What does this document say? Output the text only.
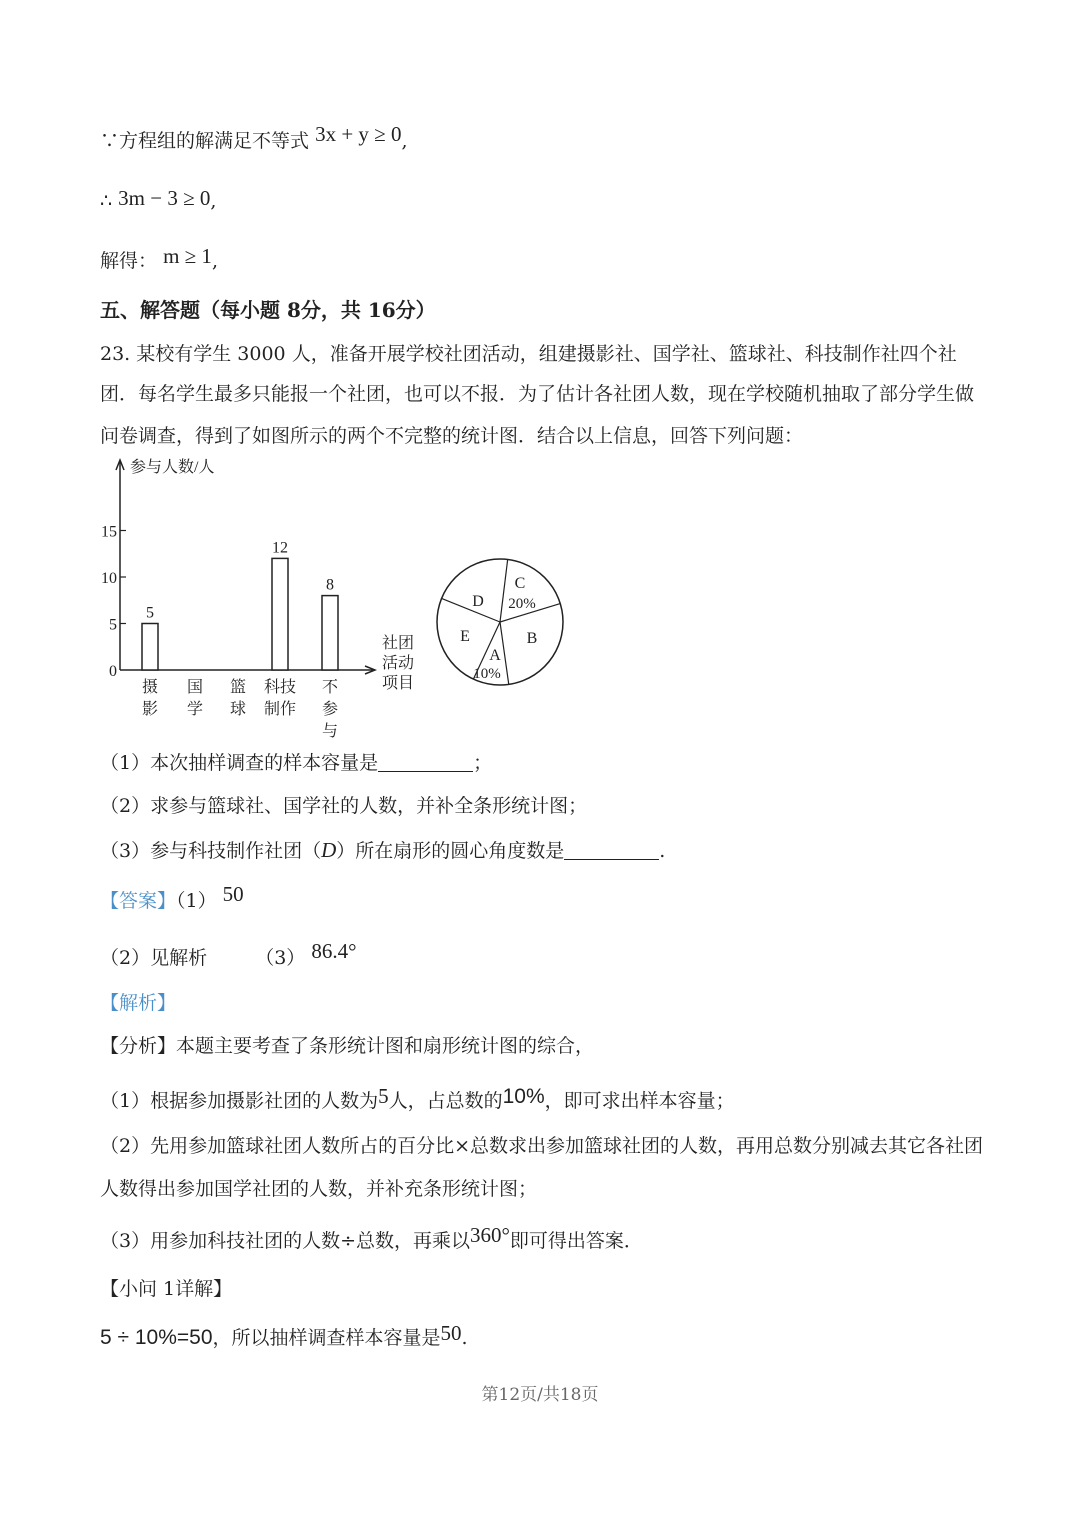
∵方程组的解满足不等式 3x + y ≥ 0,
∴ 3m − 3 ≥ 0,
解得： m ≥ 1,
五、解答题（每小题 8分，共 16分）
23. 某校有学生 3000 人，准备开展学校社团活动，组建摄影社、国学社、篮球社、科技制作社四个社
团．每名学生最多只能报一个社团，也可以不报．为了估计各社团人数，现在学校随机抽取了部分学生做
问卷调查，得到了如图所示的两个不完整的统计图．结合以上信息，回答下列问题：
参与人数/人
0
5
10
15
5
摄
影
国
学
篮
球
12
科技
制作
8
不
参
与
社团
活动
项目
A
10%
B
C
20%
D
E
（1）本次抽样调查的样本容量是	；
（2）求参与篮球社、国学社的人数，并补全条形统计图；
（3）参与科技制作社团（D）所在扇形的圆心角度数是	.
【答案】（1） 50
（2）见解析	（3） 86.4°
【解析】
【分析】本题主要考查了条形统计图和扇形统计图的综合，
（1）根据参加摄影社团的人数为5人，占总数的10%，即可求出样本容量；
（2）先用参加篮球社团人数所占的百分比×总数求出参加篮球社团的人数，再用总数分别减去其它各社团
人数得出参加国学社团的人数，并补充条形统计图；
（3）用参加科技社团的人数÷总数，再乘以360°即可得出答案．
【小问 1详解】
5 ÷ 10%=50，所以抽样调查样本容量是50.
第12页/共18页
